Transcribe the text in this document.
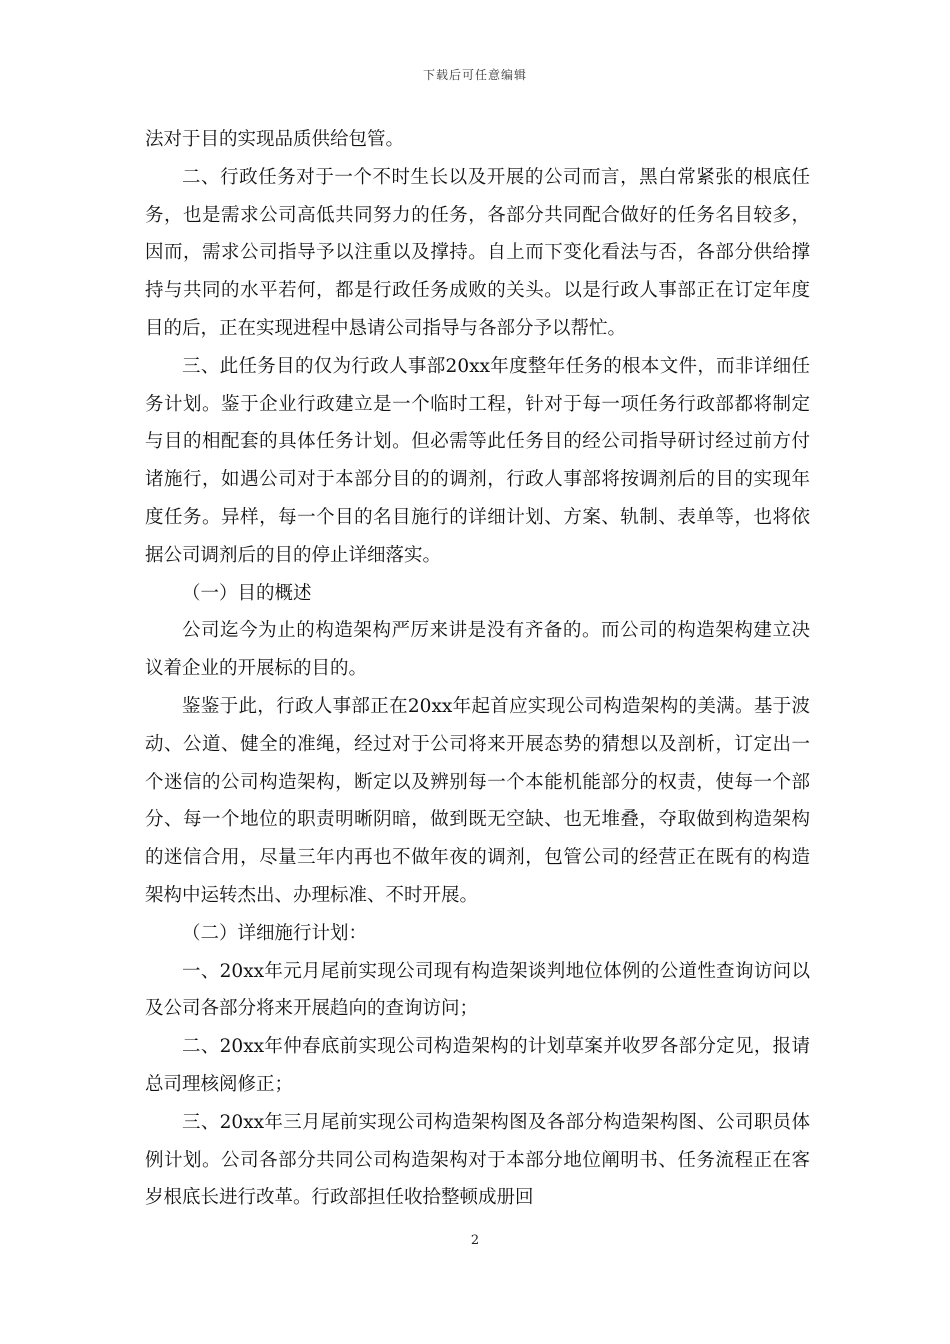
下载后可任意编辑

法对于目的实现品质供给包管。

二、行政任务对于一个不时生长以及开展的公司而言，黑白常紧张的根底任务，也是需求公司高低共同努力的任务，各部分共同配合做好的任务名目较多，因而，需求公司指导予以注重以及撑持。自上而下变化看法与否，各部分供给撑持与共同的水平若何，都是行政任务成败的关头。以是行政人事部正在订定年度目的后，正在实现进程中恳请公司指导与各部分予以帮忙。

三、此任务目的仅为行政人事部20xx年度整年任务的根本文件，而非详细任务计划。鉴于企业行政建立是一个临时工程，针对于每一项任务行政部都将制定与目的相配套的具体任务计划。但必需等此任务目的经公司指导研讨经过前方付诸施行，如遇公司对于本部分目的的调剂，行政人事部将按调剂后的目的实现年度任务。异样，每一个目的名目施行的详细计划、方案、轨制、表单等，也将依据公司调剂后的目的停止详细落实。

（一）目的概述

公司迄今为止的构造架构严厉来讲是没有齐备的。而公司的构造架构建立决议着企业的开展标的目的。

鉴鉴于此，行政人事部正在20xx年起首应实现公司构造架构的美满。基于波动、公道、健全的准绳，经过对于公司将来开展态势的猜想以及剖析，订定出一个迷信的公司构造架构，断定以及辨别每一个本能机能部分的权责，使每一个部分、每一个地位的职责明晰阴暗，做到既无空缺、也无堆叠，夺取做到构造架构的迷信合用，尽量三年内再也不做年夜的调剂，包管公司的经营正在既有的构造架构中运转杰出、办理标准、不时开展。

（二）详细施行计划：

一、20xx年元月尾前实现公司现有构造架谈判地位体例的公道性查询访问以及公司各部分将来开展趋向的查询访问；

二、20xx年仲春底前实现公司构造架构的计划草案并收罗各部分定见，报请总司理核阅修正；

三、20xx年三月尾前实现公司构造架构图及各部分构造架构图、公司职员体例计划。公司各部分共同公司构造架构对于本部分地位阐明书、任务流程正在客岁根底长进行改革。行政部担任收拾整顿成册回

2
